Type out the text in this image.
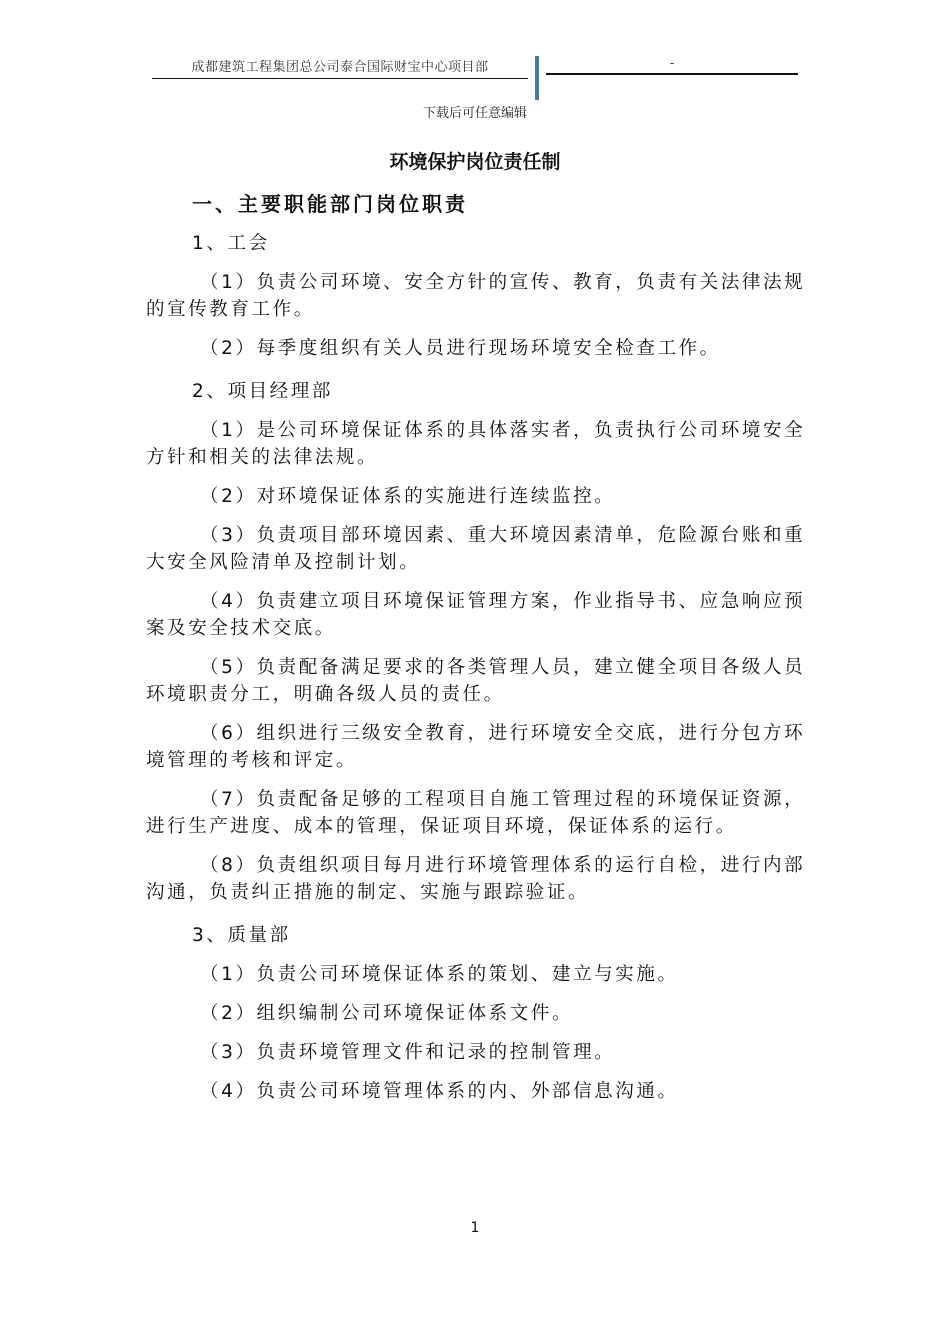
成都建筑工程集团总公司泰合国际财宝中心项目部	-
下载后可任意编辑
环境保护岗位责任制
一、主要职能部门岗位职责

1、工会

（1）负责公司环境、安全方针的宣传、教育，负责有关法律法规的宣传教育工作。

（2）每季度组织有关人员进行现场环境安全检查工作。

2、项目经理部

（1）是公司环境保证体系的具体落实者，负责执行公司环境安全方针和相关的法律法规。

（2）对环境保证体系的实施进行连续监控。

（3）负责项目部环境因素、重大环境因素清单，危险源台账和重大安全风险清单及控制计划。

（4）负责建立项目环境保证管理方案，作业指导书、应急响应预案及安全技术交底。

（5）负责配备满足要求的各类管理人员，建立健全项目各级人员环境职责分工，明确各级人员的责任。

（6）组织进行三级安全教育，进行环境安全交底，进行分包方环境管理的考核和评定。

（7）负责配备足够的工程项目自施工管理过程的环境保证资源，进行生产进度、成本的管理，保证项目环境，保证体系的运行。

（8）负责组织项目每月进行环境管理体系的运行自检，进行内部沟通，负责纠正措施的制定、实施与跟踪验证。

3、质量部

（1）负责公司环境保证体系的策划、建立与实施。

（2）组织编制公司环境保证体系文件。

（3）负责环境管理文件和记录的控制管理。

（4）负责公司环境管理体系的内、外部信息沟通。

1
